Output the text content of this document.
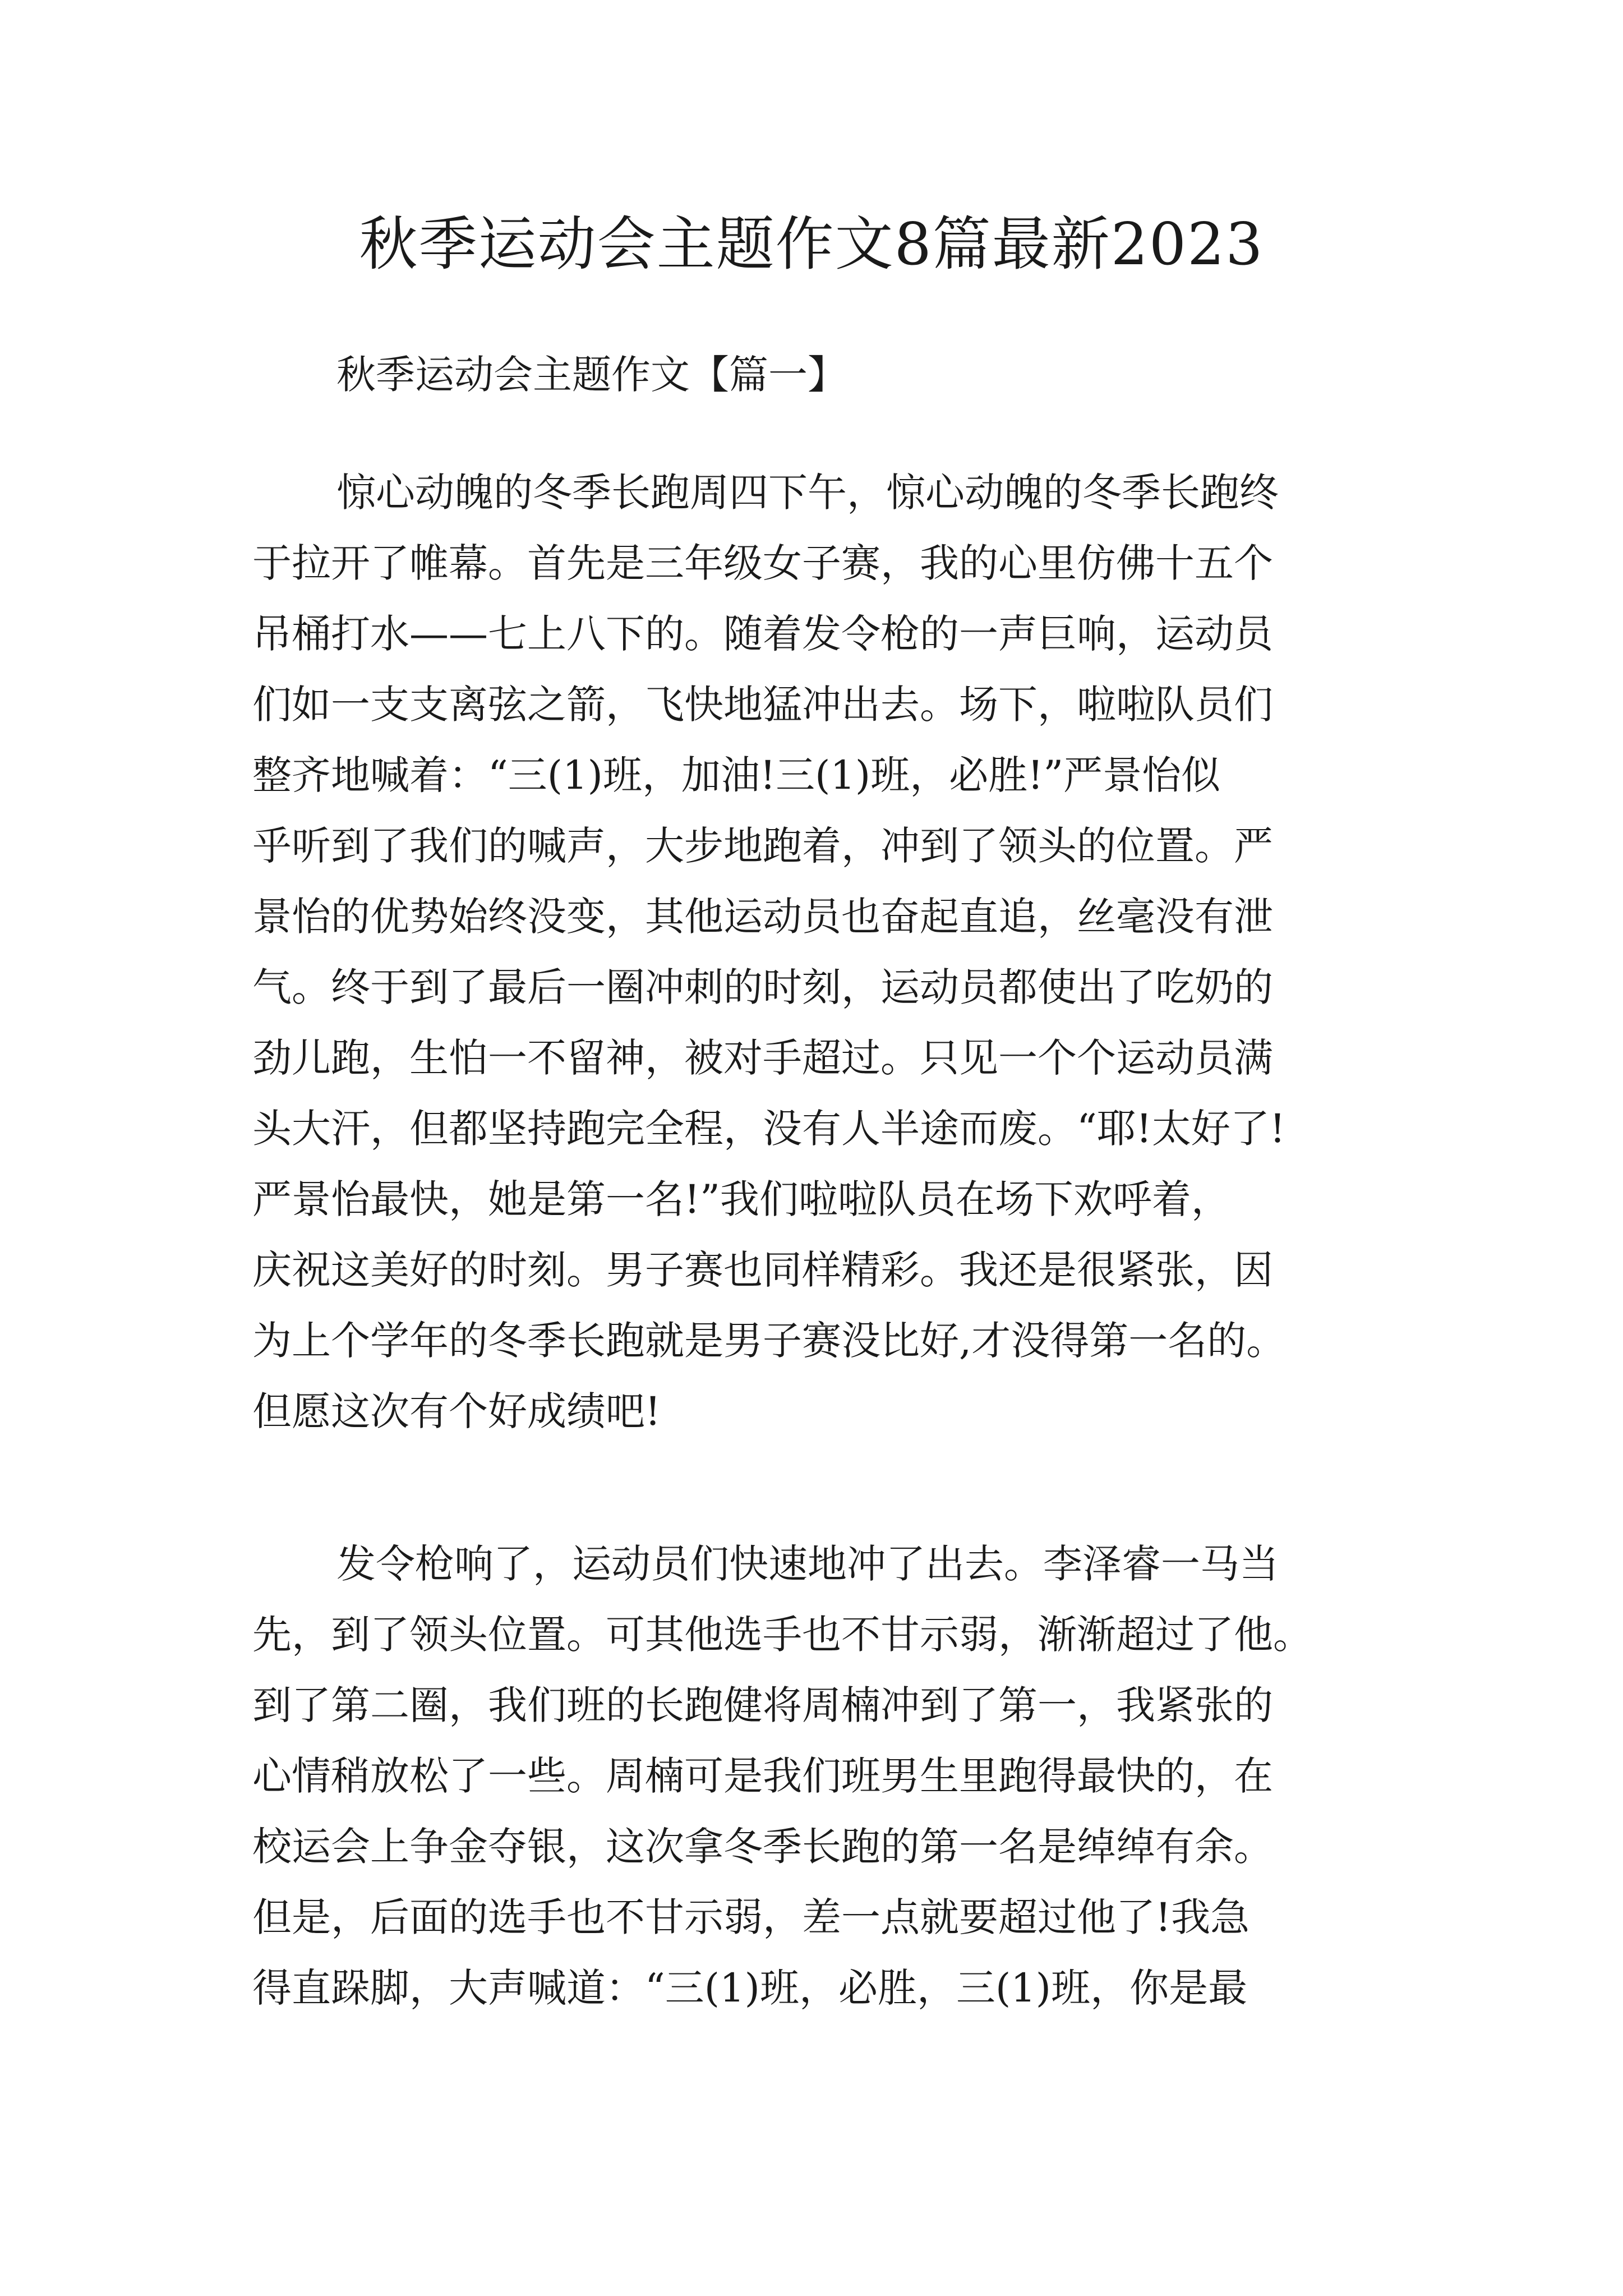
秋季运动会主题作文8篇最新2023

秋季运动会主题作文【篇一】

惊心动魄的冬季长跑周四下午，惊心动魄的冬季长跑终
于拉开了帷幕。首先是三年级女子赛，我的心里仿佛十五个
吊桶打水——七上八下的。随着发令枪的一声巨响，运动员
们如一支支离弦之箭，飞快地猛冲出去。场下，啦啦队员们
整齐地喊着：“三(1)班，加油!三(1)班，必胜!”严景怡似
乎听到了我们的喊声，大步地跑着，冲到了领头的位置。严
景怡的优势始终没变，其他运动员也奋起直追，丝毫没有泄
气。终于到了最后一圈冲刺的时刻，运动员都使出了吃奶的
劲儿跑，生怕一不留神，被对手超过。只见一个个运动员满
头大汗，但都坚持跑完全程，没有人半途而废。“耶!太好了!
严景怡最快，她是第一名!”我们啦啦队员在场下欢呼着，
庆祝这美好的时刻。男子赛也同样精彩。我还是很紧张，因
为上个学年的冬季长跑就是男子赛没比好,才没得第一名的。
但愿这次有个好成绩吧!

发令枪响了，运动员们快速地冲了出去。李泽睿一马当
先，到了领头位置。可其他选手也不甘示弱，渐渐超过了他。
到了第二圈，我们班的长跑健将周楠冲到了第一，我紧张的
心情稍放松了一些。周楠可是我们班男生里跑得最快的，在
校运会上争金夺银，这次拿冬季长跑的第一名是绰绰有余。
但是，后面的选手也不甘示弱，差一点就要超过他了!我急
得直跺脚，大声喊道：“三(1)班，必胜，三(1)班，你是最
